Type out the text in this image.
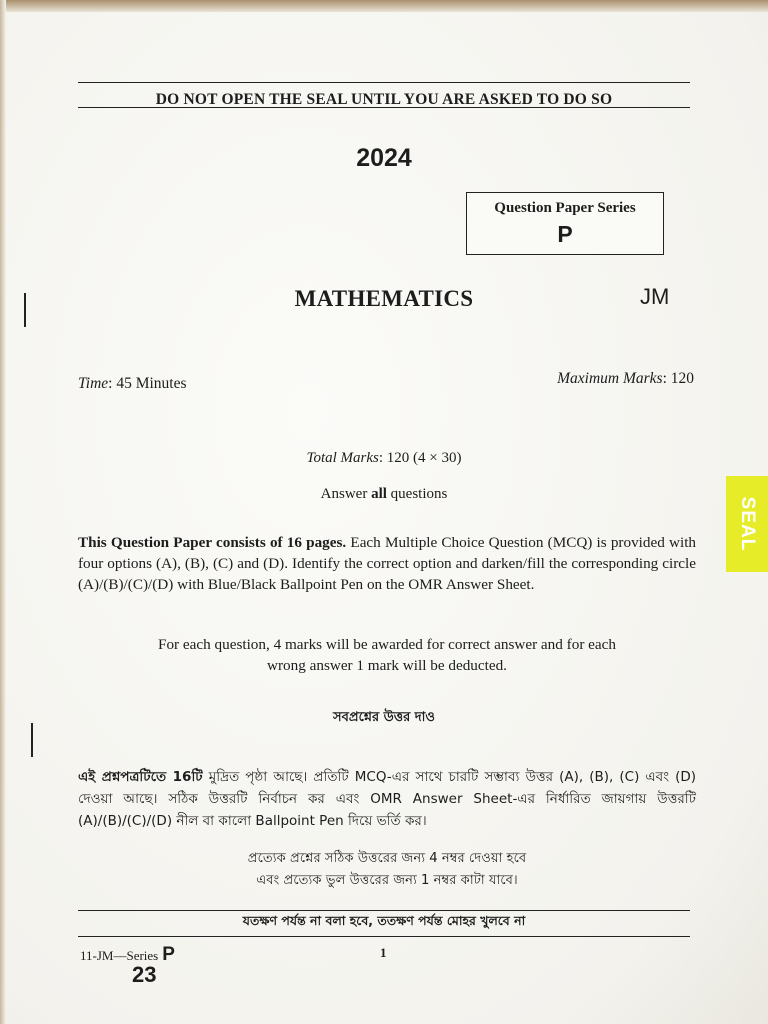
DO NOT OPEN THE SEAL UNTIL YOU ARE ASKED TO DO SO
2024
Question Paper Series
P
MATHEMATICS	JM
Time: 45 Minutes	Maximum Marks: 120
Total Marks: 120 (4 × 30)
Answer all questions
This Question Paper consists of 16 pages. Each Multiple Choice Question (MCQ) is provided with four options (A), (B), (C) and (D). Identify the correct option and darken/fill the corresponding circle (A)/(B)/(C)/(D) with Blue/Black Ballpoint Pen on the OMR Answer Sheet.
For each question, 4 marks will be awarded for correct answer and for each
wrong answer 1 mark will be deducted.
সবপ্রশ্নের উত্তর দাও
এই প্রশ্নপত্রটিতে 16টি মুদ্রিত পৃষ্ঠা আছে। প্রতিটি MCQ-এর সাথে চারটি সম্ভাব্য উত্তর (A), (B), (C) এবং (D) দেওয়া আছে। সঠিক উত্তরটি নির্বাচন কর এবং OMR Answer Sheet-এর নির্ধারিত জায়গায় উত্তরটি (A)/(B)/(C)/(D) নীল বা কালো Ballpoint Pen দিয়ে ভর্তি কর।
প্রত্যেক প্রশ্নের সঠিক উত্তরের জন্য 4 নম্বর দেওয়া হবে
এবং প্রত্যেক ভুল উত্তরের জন্য 1 নম্বর কাটা যাবে।
যতক্ষণ পর্যন্ত না বলা হবে, ততক্ষণ পর্যন্ত মোহর খুলবে না
11-JM—Series P	1
23
SEAL
